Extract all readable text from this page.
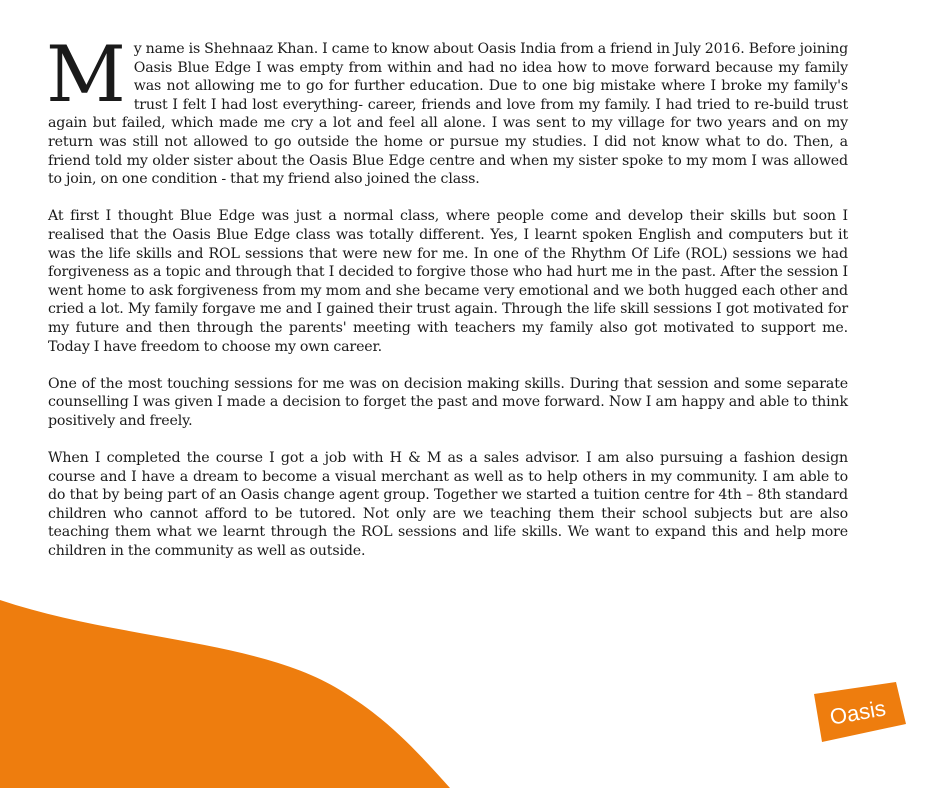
My name is Shehnaaz Khan. I came to know about Oasis India from a friend in July 2016. Before joining Oasis Blue Edge I was empty from within and had no idea how to move forward because my family was not allowing me to go for further education. Due to one big mistake where I broke my family's trust I felt I had lost everything- career, friends and love from my family. I had tried to re-build trust again but failed, which made me cry a lot and feel all alone. I was sent to my village for two years and on my return was still not allowed to go outside the home or pursue my studies. I did not know what to do. Then, a friend told my older sister about the Oasis Blue Edge centre and when my sister spoke to my mom I was allowed to join, on one condition - that my friend also joined the class.

At first I thought Blue Edge was just a normal class, where people come and develop their skills but soon I realised that the Oasis Blue Edge class was totally different. Yes, I learnt spoken English and computers but it was the life skills and ROL sessions that were new for me. In one of the Rhythm Of Life (ROL) sessions we had forgiveness as a topic and through that I decided to forgive those who had hurt me in the past. After the session I went home to ask forgiveness from my mom and she became very emotional and we both hugged each other and cried a lot. My family forgave me and I gained their trust again. Through the life skill sessions I got motivated for my future and then through the parents' meeting with teachers my family also got motivated to support me. Today I have freedom to choose my own career.

One of the most touching sessions for me was on decision making skills. During that session and some separate counselling I was given I made a decision to forget the past and move forward. Now I am happy and able to think positively and freely.

When I completed the course I got a job with H & M as a sales advisor. I am also pursuing a fashion design course and I have a dream to become a visual merchant as well as to help others in my community. I am able to do that by being part of an Oasis change agent group. Together we started a tuition centre for 4th – 8th standard children who cannot afford to be tutored. Not only are we teaching them their school subjects but are also teaching them what we learnt through the ROL sessions and life skills. We want to expand this and help more children in the community as well as outside.

Oasis
